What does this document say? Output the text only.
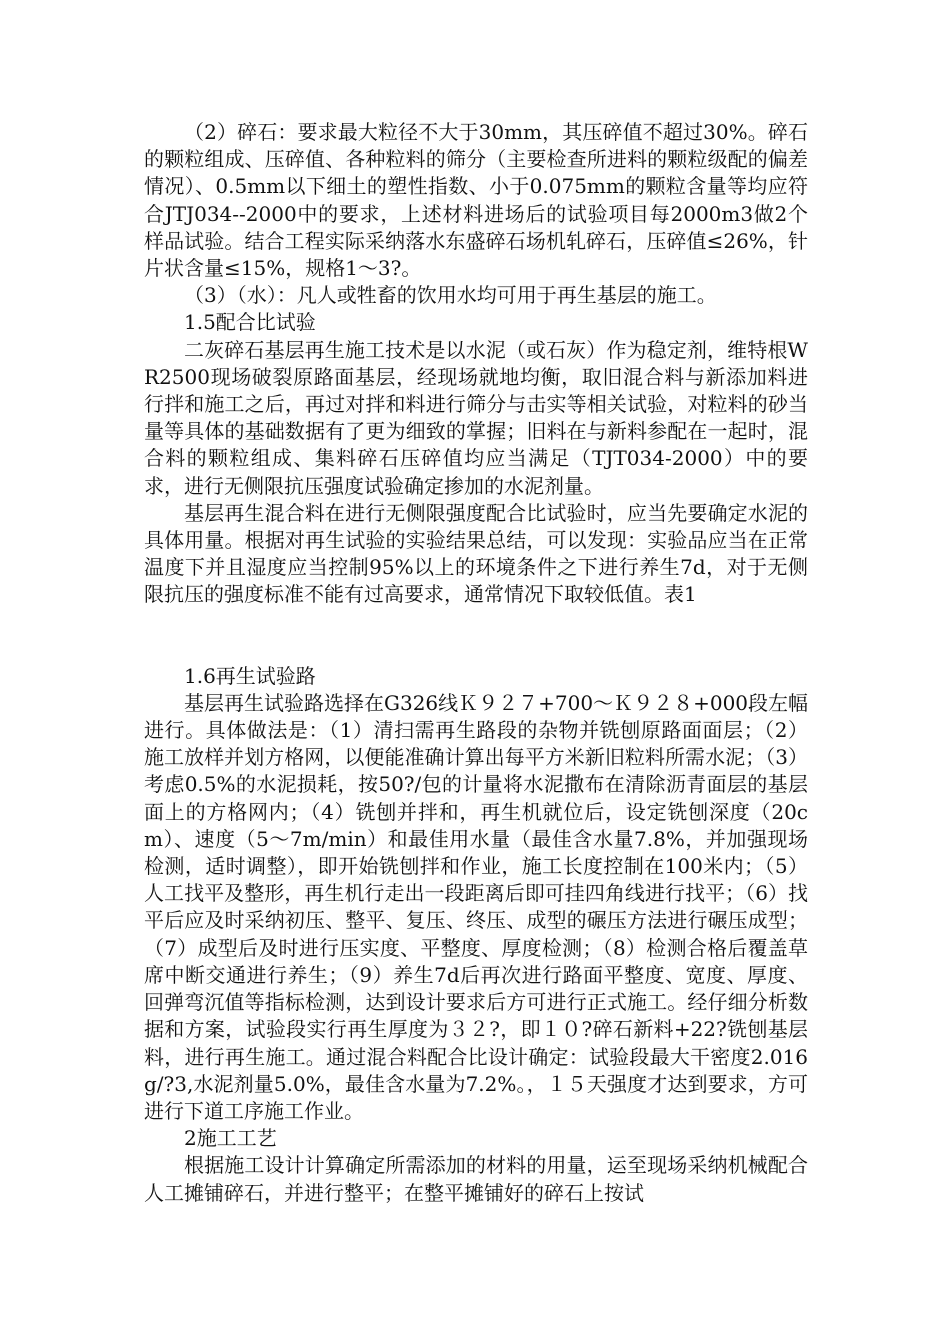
（2）碎石：要求最大粒径不大于30mm，其压碎值不超过30%。碎石的颗粒组成、压碎值、各种粒料的筛分（主要检查所进料的颗粒级配的偏差情况）、0.5mm以下细土的塑性指数、小于0.075mm的颗粒含量等均应符合JTJ034--2000中的要求，上述材料进场后的试验项目每2000m3做2个样品试验。结合工程实际采纳落水东盛碎石场机轧碎石，压碎值≤26%，针片状含量≤15%，规格1～3?。

（3）（水）：凡人或牲畜的饮用水均可用于再生基层的施工。

1.5配合比试验

二灰碎石基层再生施工技术是以水泥（或石灰）作为稳定剂，维特根WR2500现场破裂原路面基层，经现场就地均衡，取旧混合料与新添加料进行拌和施工之后，再过对拌和料进行筛分与击实等相关试验，对粒料的砂当量等具体的基础数据有了更为细致的掌握；旧料在与新料参配在一起时，混合料的颗粒组成、集料碎石压碎值均应当满足（TJT034-2000）中的要求，进行无侧限抗压强度试验确定掺加的水泥剂量。

基层再生混合料在进行无侧限强度配合比试验时，应当先要确定水泥的具体用量。根据对再生试验的实验结果总结，可以发现：实验品应当在正常温度下并且湿度应当控制95%以上的环境条件之下进行养生7d，对于无侧限抗压的强度标准不能有过高要求，通常情况下取较低值。表1

1.6再生试验路

基层再生试验路选择在G326线Ｋ９２７+700～Ｋ９２８+000段左幅进行。具体做法是：（1）清扫需再生路段的杂物并铣刨原路面面层；（2）施工放样并划方格网，以便能准确计算出每平方米新旧粒料所需水泥；（3）考虑0.5%的水泥损耗，按50?/包的计量将水泥撒布在清除沥青面层的基层面上的方格网内；（4）铣刨并拌和，再生机就位后，设定铣刨深度（20cm）、速度（5～7m/min）和最佳用水量（最佳含水量7.8%，并加强现场检测，适时调整），即开始铣刨拌和作业，施工长度控制在100米内；（5）人工找平及整形，再生机行走出一段距离后即可挂四角线进行找平；（6）找平后应及时采纳初压、整平、复压、终压、成型的碾压方法进行碾压成型；（7）成型后及时进行压实度、平整度、厚度检测；（8）检测合格后覆盖草席中断交通进行养生；（9）养生7d后再次进行路面平整度、宽度、厚度、回弹弯沉值等指标检测，达到设计要求后方可进行正式施工。经仔细分析数据和方案，试验段实行再生厚度为３２?，即１０?碎石新料+22?铣刨基层料，进行再生施工。通过混合料配合比设计确定：试验段最大干密度2.016g/?3,水泥剂量5.0%，最佳含水量为7.2%。，１５天强度才达到要求，方可进行下道工序施工作业。

2施工工艺

根据施工设计计算确定所需添加的材料的用量，运至现场采纳机械配合人工摊铺碎石，并进行整平；在整平摊铺好的碎石上按试
